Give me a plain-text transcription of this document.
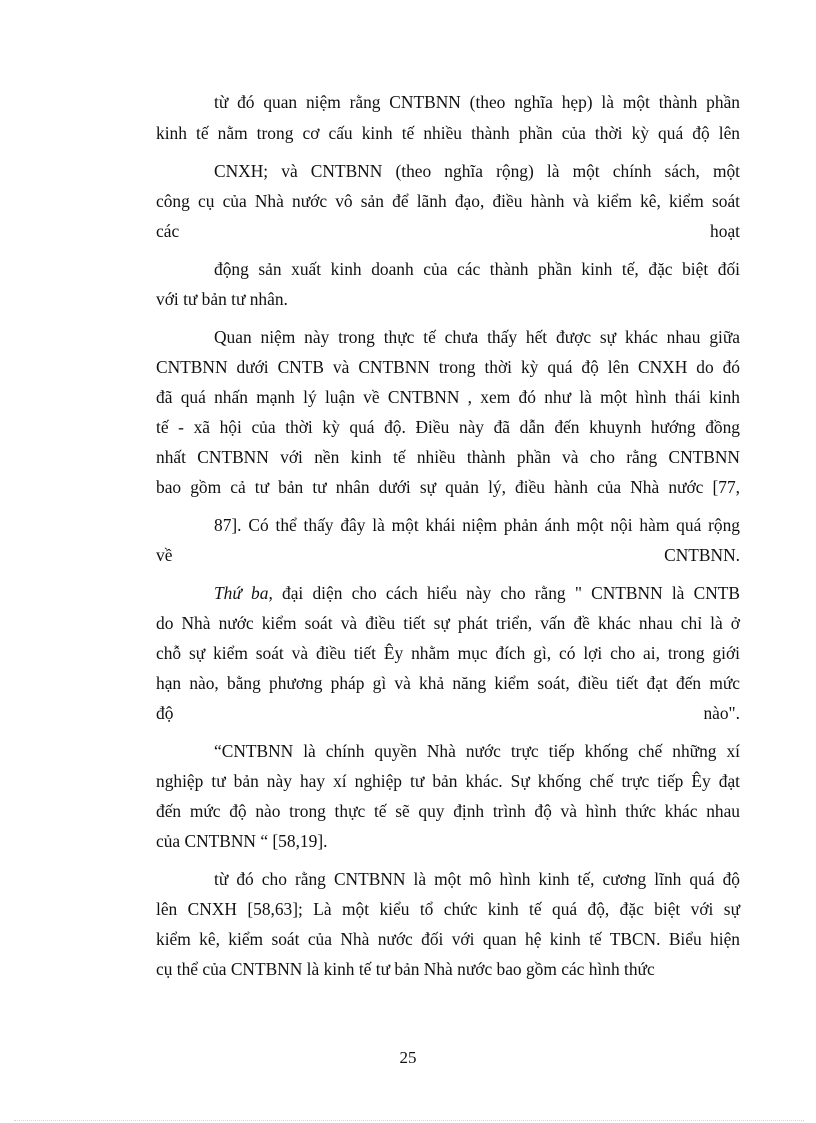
từ đó quan niệm rằng CNTBNN (theo nghĩa hẹp) là một thành phần
kinh tế nằm trong cơ cấu kinh tế nhiều thành phần của thời kỳ quá độ lên
CNXH; và CNTBNN (theo nghĩa rộng) là một chính sách, một
công cụ của Nhà nước vô sản để lãnh đạo, điều hành và kiểm kê, kiểm soát
các	hoạt
động sản xuất kinh doanh của các thành phần kinh tế, đặc biệt đối
với tư bản tư nhân.
Quan niệm này trong thực tế chưa thấy hết được sự khác nhau giữa
CNTBNN dưới CNTB và CNTBNN trong thời kỳ quá độ lên CNXH do đó
đã quá nhấn mạnh lý luận về CNTBNN , xem đó như là một hình thái kinh
tế - xã hội của thời kỳ quá độ. Điều này đã dẫn đến khuynh hướng đồng
nhất CNTBNN với nền kinh tế nhiều thành phần và cho rằng CNTBNN
bao gồm cả tư bản tư nhân dưới sự quản lý, điều hành của Nhà nước [77,
87]. Có thể thấy đây là một khái niệm phản ánh một nội hàm quá rộng
về	CNTBNN.
Thứ ba, đại diện cho cách hiểu này cho rằng " CNTBNN là CNTB
do Nhà nước kiểm soát và điều tiết sự phát triển, vấn đề khác nhau chỉ là ở
chỗ sự kiểm soát và điều tiết Êy nhằm mục đích gì, có lợi cho ai, trong giới
hạn nào, bằng phương pháp gì và khả năng kiểm soát, điều tiết đạt đến mức
độ	nào".
“CNTBNN là chính quyền Nhà nước trực tiếp khống chế những xí
nghiệp tư bản này hay xí nghiệp tư bản khác. Sự khống chế trực tiếp Êy đạt
đến mức độ nào trong thực tế sẽ quy định trình độ và hình thức khác nhau
của CNTBNN “ [58,19].
từ đó cho rằng CNTBNN là một mô hình kinh tế, cương lĩnh quá độ
lên CNXH [58,63]; Là một kiểu tổ chức kinh tế quá độ, đặc biệt với sự
kiểm kê, kiểm soát của Nhà nước đối với quan hệ kinh tế TBCN. Biểu hiện
cụ thể của CNTBNN là kinh tế tư bản Nhà nước bao gồm các hình thức
25
